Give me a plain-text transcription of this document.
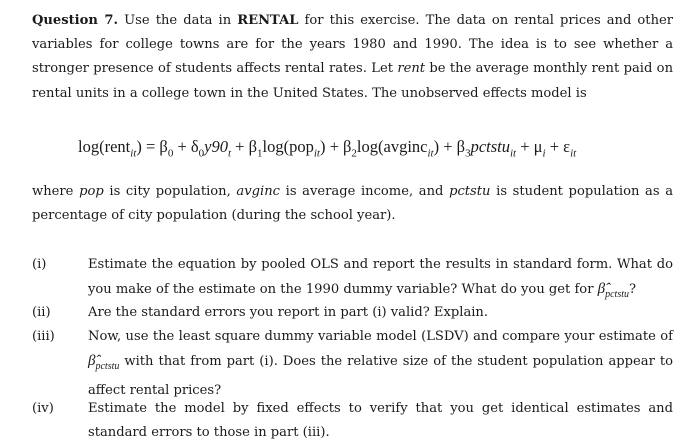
Question 7. Use the data in RENTAL for this exercise. The data on rental prices and other variables for college towns are for the years 1980 and 1990. The idea is to see whether a stronger presence of students affects rental rates. Let rent be the average monthly rent paid on rental units in a college town in the United States. The unobserved effects model is
log(rent$_{it}$) = $\beta_0 + \delta_0y90_t + \beta_1\log(pop_{it})$ + $\beta_2\log(avginc_{it})$ + $\beta_3pctstu_{it} + \mu_i + \varepsilon_{it}$
where pop is city population, avginc is average income, and pctstu is student population as a percentage of city population (during the school year).
(i)	Estimate the equation by pooled OLS and report the results in standard form. What do you make of the estimate on the 1990 dummy variable? What do you get for $\betâ_{pctstu}$?
(ii)	Are the standard errors you report in part (i) valid? Explain.
(iii)	Now, use the least square dummy variable model (LSDV) and compare your estimate of $\betâ_{pctstu}$ with that from part (i). Does the relative size of the student population appear to affect rental prices?
(iv)	Estimate the model by fixed effects to verify that you get identical estimates and standard errors to those in part (iii).
